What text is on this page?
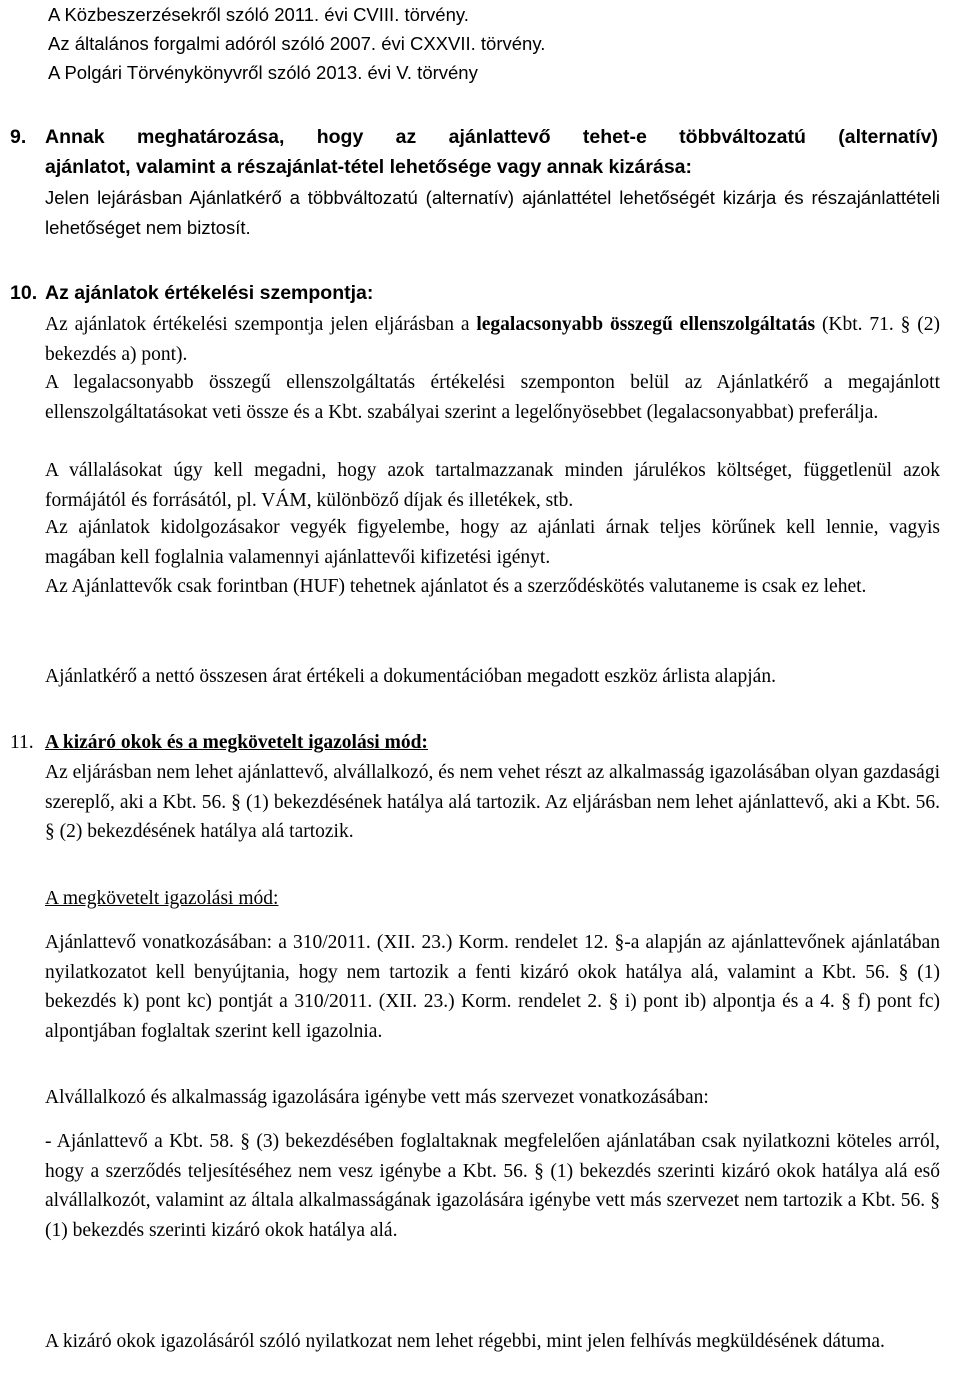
A Közbeszerzésekről szóló 2011. évi CVIII. törvény.

Az általános forgalmi adóról szóló 2007. évi CXXVII. törvény.

A Polgári Törvénykönyvről szóló 2013. évi V. törvény

9. Annak meghatározása, hogy az ajánlattevő tehet-e többváltozatú (alternatív)
ajánlatot, valamint a részajánlat-tétel lehetősége vagy annak kizárása:
Jelen lejárásban Ajánlatkérő a többváltozatú (alternatív) ajánlattétel lehetőségét kizárja és részajánlattételi lehetőséget nem biztosít.
10. Az ajánlatok értékelési szempontja:

Az ajánlatok értékelési szempontja jelen eljárásban a legalacsonyabb összegű ellenszolgáltatás (Kbt. 71. § (2) bekezdés a) pont).

A legalacsonyabb összegű ellenszolgáltatás értékelési szemponton belül az Ajánlatkérő a megajánlott ellenszolgáltatásokat veti össze és a Kbt. szabályai szerint a legelőnyösebbet (legalacsonyabbat) preferálja.
A vállalásokat úgy kell megadni, hogy azok tartalmazzanak minden járulékos költséget, függetlenül azok formájától és forrásától, pl. VÁM, különböző díjak és illetékek, stb.
Az ajánlatok kidolgozásakor vegyék figyelembe, hogy az ajánlati árnak teljes körűnek kell lennie, vagyis magában kell foglalnia valamennyi ajánlattevői kifizetési igényt.
Az Ajánlattevők csak forintban (HUF) tehetnek ajánlatot és a szerződéskötés valutaneme is csak ez lehet.
Ajánlatkérő a nettó összesen árat értékeli a dokumentációban megadott eszköz árlista alapján.
11. A kizáró okok és a megkövetelt igazolási mód:
Az eljárásban nem lehet ajánlattevő, alvállalkozó, és nem vehet részt az alkalmasság igazolásában olyan gazdasági szereplő, aki a Kbt. 56. § (1) bekezdésének hatálya alá tartozik. Az eljárásban nem lehet ajánlattevő, aki a Kbt. 56. § (2) bekezdésének hatálya alá tartozik.
A megkövetelt igazolási mód:
Ajánlattevő vonatkozásában: a 310/2011. (XII. 23.) Korm. rendelet 12. §-a alapján az ajánlattevőnek ajánlatában nyilatkozatot kell benyújtania, hogy nem tartozik a fenti kizáró okok hatálya alá, valamint a Kbt. 56. § (1) bekezdés k) pont kc) pontját a 310/2011. (XII. 23.) Korm. rendelet 2. § i) pont ib) alpontja és a 4. § f) pont fc) alpontjában foglaltak szerint kell igazolnia.
Alvállalkozó és alkalmasság igazolására igénybe vett más szervezet vonatkozásában:
- Ajánlattevő a Kbt. 58. § (3) bekezdésében foglaltaknak megfelelően ajánlatában csak nyilatkozni köteles arról, hogy a szerződés teljesítéséhez nem vesz igénybe a Kbt. 56. § (1) bekezdés szerinti kizáró okok hatálya alá eső alvállalkozót, valamint az általa alkalmasságának igazolására igénybe vett más szervezet nem tartozik a Kbt. 56. § (1) bekezdés szerinti kizáró okok hatálya alá.
A kizáró okok igazolásáról szóló nyilatkozat nem lehet régebbi, mint jelen felhívás megküldésének dátuma.
